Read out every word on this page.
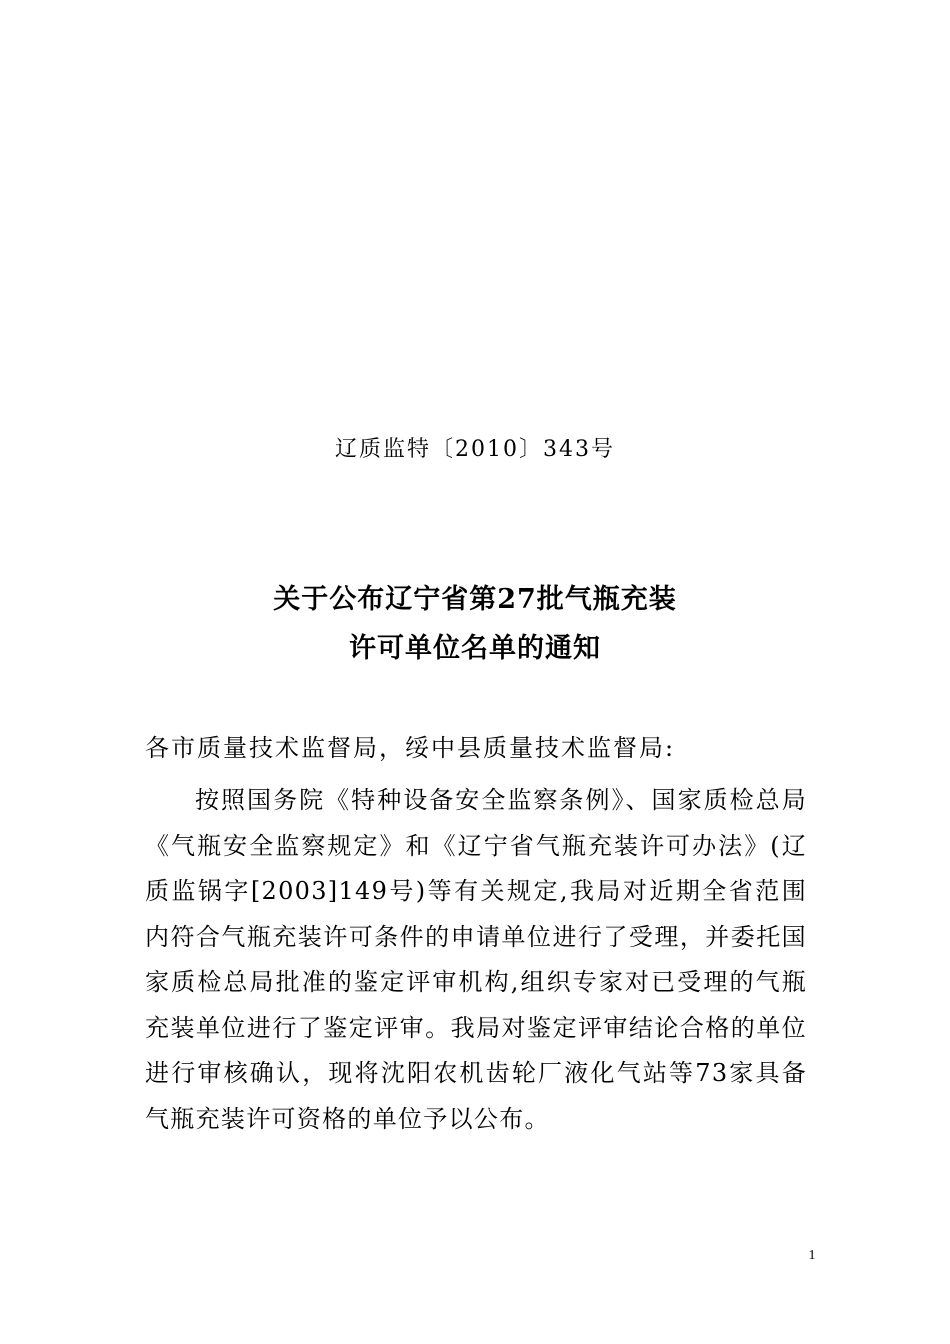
辽质监特〔2010〕343号
关于公布辽宁省第27批气瓶充装
许可单位名单的通知
各市质量技术监督局，绥中县质量技术监督局:
按照国务院《特种设备安全监察条例》、国家质检总局《气瓶安全监察规定》和《辽宁省气瓶充装许可办法》(辽质监锅字[2003]149号)等有关规定,我局对近期全省范围内符合气瓶充装许可条件的申请单位进行了受理，并委托国家质检总局批准的鉴定评审机构,组织专家对已受理的气瓶充装单位进行了鉴定评审。我局对鉴定评审结论合格的单位进行审核确认，现将沈阳农机齿轮厂液化气站等73家具备气瓶充装许可资格的单位予以公布。
1
